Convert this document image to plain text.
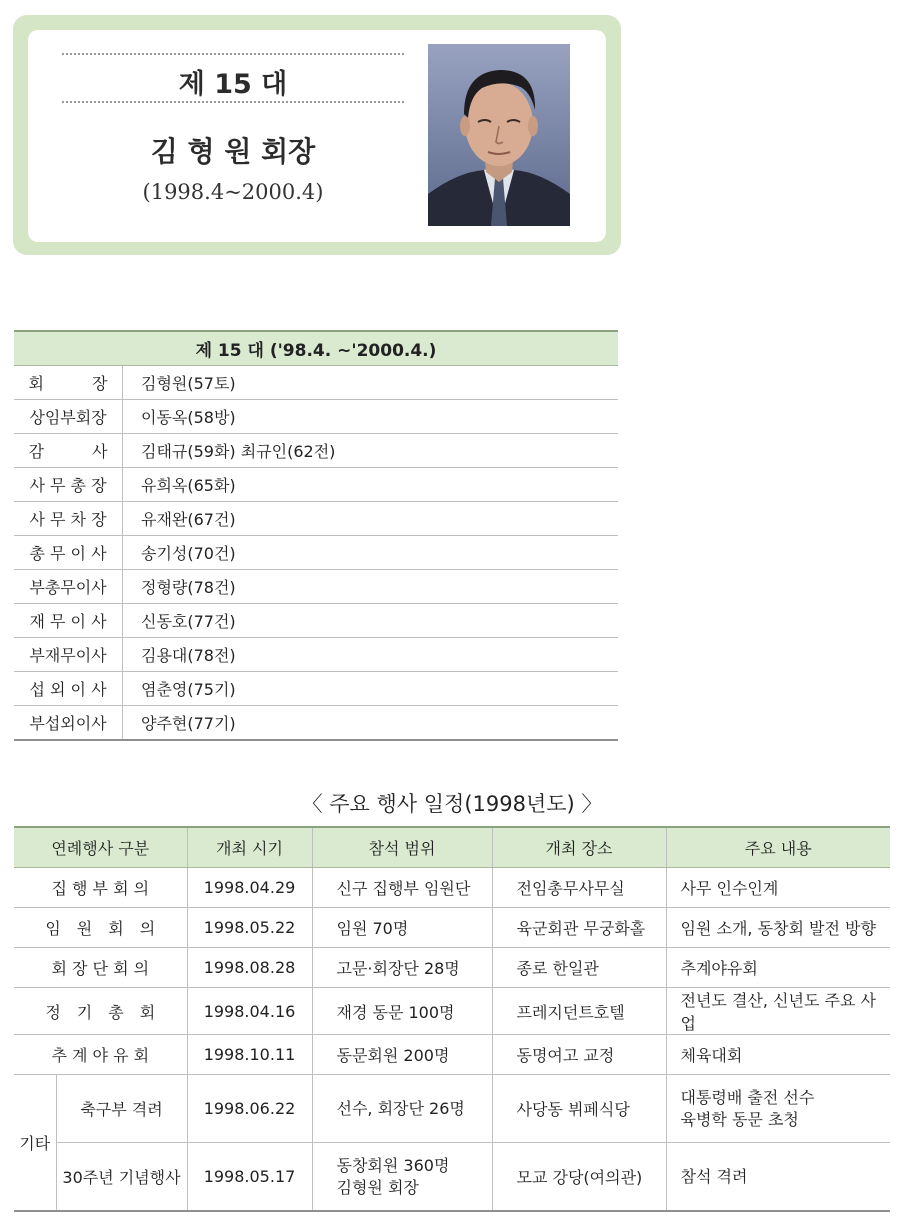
제 15 대
김 형 원 회장
(1998.4~2000.4)
제 15 대 ('98.4. ~'2000.4.)	
회　　　장	김형원(57토)
상임부회장	이동옥(58방)
감　　　사	김태규(59화) 최규인(62전)
사 무 총 장	유희옥(65화)
사 무 차 장	유재완(67건)
총 무 이 사	송기성(70건)
부총무이사	정형량(78건)
재 무 이 사	신동호(77건)
부재무이사	김용대(78전)
섭 외 이 사	염춘영(75기)
부섭외이사	양주현(77기)
〈 주요 행사 일정(1998년도) 〉
연례행사 구분		개최 시기	참석 범위	개최 장소	주요 내용
집 행 부 회 의		1998.04.29	신구 집행부 임원단	전임총무사무실	사무 인수인계
임　원　회　의		1998.05.22	임원 70명	육군회관 무궁화홀	임원 소개, 동창회 발전 방향
회 장 단 회 의		1998.08.28	고문·회장단 28명	종로 한일관	추계야유회
정　기　총　회		1998.04.16	재경 동문 100명	프레지던트호텔	전년도 결산, 신년도 주요 사업
추 계 야 유 회		1998.10.11	동문회원 200명	동명여고 교정	체육대회
기타	축구부 격려	1998.06.22	선수, 회장단 26명	사당동 뷔페식당	대통령배 출전 선수
육병학 동문 초청
	30주년 기념행사	1998.05.17	동창회원 360명
김형원 회장	모교 강당(여의관)	참석 격려
